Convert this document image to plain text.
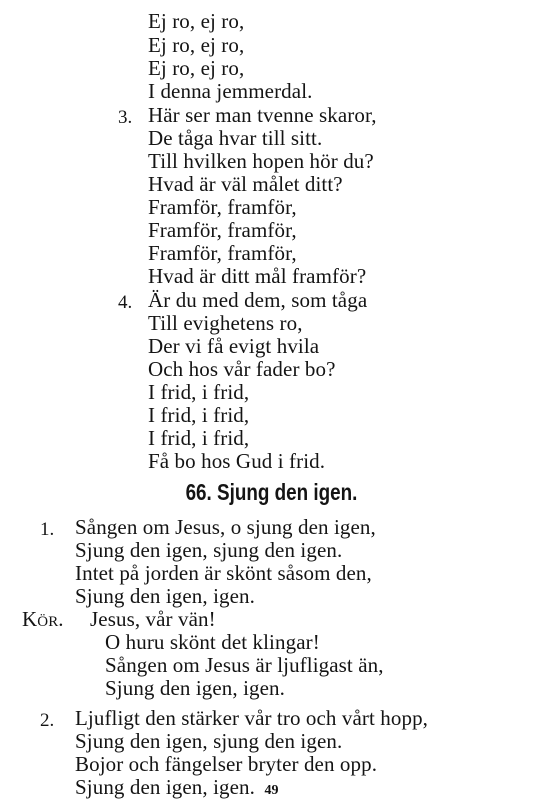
Ej ro, ej ro,
Ej ro, ej ro,
Ej ro, ej ro,
I denna jemmerdal.
3. Här ser man tvenne skaror,
De tåga hvar till sitt.
Till hvilken hopen hör du?
Hvad är väl målet ditt?
Framför, framför,
Framför, framför,
Framför, framför,
Hvad är ditt mål framför?
4. Är du med dem, som tåga
Till evighetens ro,
Der vi få evigt hvila
Och hos vår fader bo?
I frid, i frid,
I frid, i frid,
I frid, i frid,
Få bo hos Gud i frid.
66. Sjung den igen.
1. Sången om Jesus, o sjung den igen,
Sjung den igen, sjung den igen.
Intet på jorden är skönt såsom den,
Sjung den igen, igen.
Kör. Jesus, vår vän!
O huru skönt det klingar!
Sången om Jesus är ljufligast än,
Sjung den igen, igen.
2. Ljufligt den stärker vår tro och vårt hopp,
Sjung den igen, sjung den igen.
Bojor och fängelser bryter den opp.
Sjung den igen, igen. 49
